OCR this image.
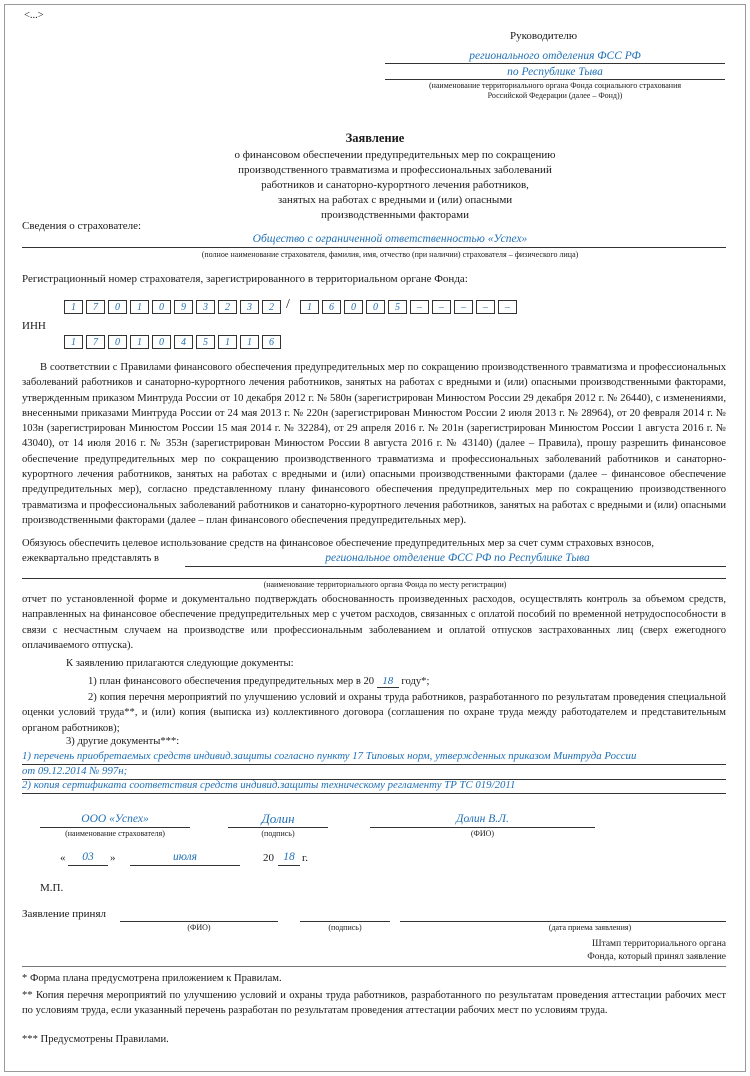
<...>
Руководителю
регионального отделения ФСС РФ
по Республике Тыва
(наименование территориального органа Фонда социального страхования
Российской Федерации (далее – Фонд))
Заявление
о финансовом обеспечении предупредительных мер по сокращению
производственного травматизма и профессиональных заболеваний
работников и санаторно-курортного лечения работников,
занятых на работах с вредными и (или) опасными
производственными факторами
Сведения о страхователе:
Общество с ограниченной ответственностью «Успех»
(полное наименование страхователя, фамилия, имя, отчество (при наличии) страхователя – физического лица)
Регистрационный номер страхователя, зарегистрированного в территориальном органе Фонда:
1	7	0	1	0	9	3	2	3	2 /	1	6	0	0	5	–	–	–	–	–
ИНН
1	7	0	1	0	4	5	1	1	6
В соответствии с Правилами финансового обеспечения предупредительных мер по сокращению производственного травматизма и профессиональных заболеваний работников и санаторно-курортного лечения работников, занятых на работах с вредными и (или) опасными производственными факторами, утвержденным приказом Минтруда России от 10 декабря 2012 г. № 580н (зарегистрирован Минюстом России 29 декабря 2012 г. № 26440), с изменениями, внесенными приказами Минтруда России от 24 мая 2013 г. № 220н (зарегистрирован Минюстом России 2 июля 2013 г. № 28964), от 20 февраля 2014 г. № 103н (зарегистрирован Минюстом России 15 мая 2014 г. № 32284), от 29 апреля 2016 г. № 201н (зарегистрирован Минюстом России 1 августа 2016 г. № 43040), от 14 июля 2016 г. № 353н (зарегистрирован Минюстом России 8 августа 2016 г. № 43140) (далее – Правила), прошу разрешить финансовое обеспечение предупредительных мер по сокращению производственного травматизма и профессиональных заболеваний работников и санаторно-курортного лечения работников, занятых на работах с вредными и (или) опасными производственными факторами (далее – финансовое обеспечение предупредительных мер), согласно представленному плану финансового обеспечения предупредительных мер по сокращению производственного травматизма и профессиональных заболеваний работников и санаторно-курортного лечения работников, занятых на работах с вредными и (или) опасными производственными факторами (далее – план финансового обеспечения предупредительных мер).
Обязуюсь обеспечить целевое использование средств на финансовое обеспечение предупредительных мер за счет сумм страховых взносов,
ежеквартально представлять в	региональное отделение ФСС РФ по Республике Тыва
(наименование территориального органа Фонда по месту регистрации)
отчет по установленной форме и документально подтверждать обоснованность произведенных расходов, осуществлять контроль за объемом средств, направленных на финансовое обеспечение предупредительных мер с учетом расходов, связанных с оплатой пособий по временной нетрудоспособности в связи с несчастным случаем на производстве или профессиональным заболеванием и оплатой отпусков застрахованных лиц (сверх ежегодного оплачиваемого отпуска).
К заявлению прилагаются следующие документы:
1) план финансового обеспечения предупредительных мер в 20 18 году*;
2) копия перечня мероприятий по улучшению условий и охраны труда работников, разработанного по результатам проведения специальной оценки условий труда**, и (или) копия (выписка из) коллективного договора (соглашения по охране труда между работодателем и представительным органом работников);
3) другие документы***:
1) перечень приобретаемых средств индивид.защиты согласно пункту 17 Типовых норм, утвержденных приказом Минтруда России
от 09.12.2014 № 997н;
2) копия сертификата соответствия средств индивид.защиты техническому регламенту ТР ТС 019/2011
ООО «Успех»
(наименование страхователя)
Долин
(подпись)
Долин В.Л.
(ФИО)
«	03	»	июля	20 18 г.
М.П.
Заявление принял
(ФИО)	(подпись)	(дата приема заявления)
Штамп территориального органа
Фонда, который принял заявление
* Форма плана предусмотрена приложением к Правилам.
** Копия перечня мероприятий по улучшению условий и охраны труда работников, разработанного по результатам проведения аттестации рабочих мест по условиям труда, если указанный перечень разработан по результатам проведения аттестации рабочих мест по условиям труда.
*** Предусмотрены Правилами.
